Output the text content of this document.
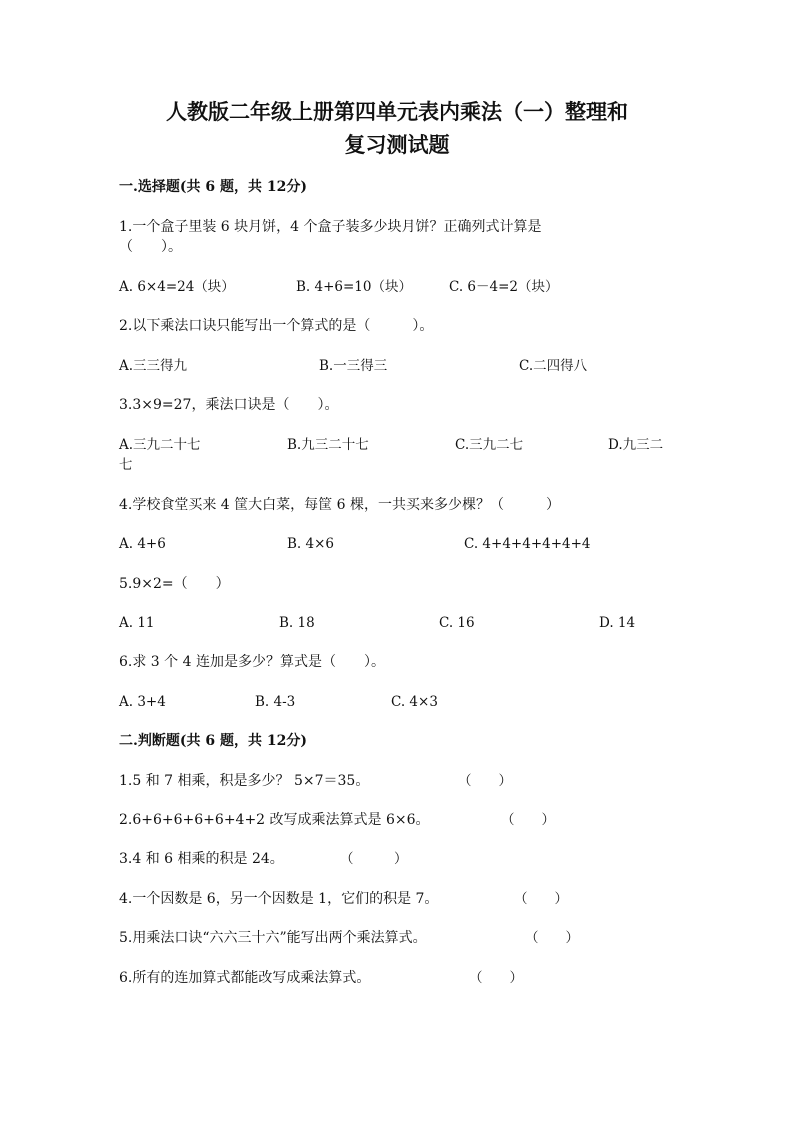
人教版二年级上册第四单元表内乘法（一）整理和
复习测试题
一.选择题(共 6 题，共 12分)
1.一个盒子里装 6 块月饼，4 个盒子装多少块月饼？正确列式计算是
（　　）。
A. 6×4=24（块）	B. 4+6=10（块）	C. 6－4=2（块）
2.以下乘法口诀只能写出一个算式的是（　　　）。
A.三三得九	B.一三得三	C.二四得八
3.3×9=27，乘法口诀是（　　）。
A.三九二十七	B.九三二十七	C.三九二七	D.九三二
七
4.学校食堂买来 4 筐大白菜，每筐 6 棵，一共买来多少棵？（　　　）
A. 4+6	B. 4×6	C. 4+4+4+4+4+4
5.9×2=（　　）
A. 11	B. 18	C. 16	D. 14
6.求 3 个 4 连加是多少？算式是（　　）。
A. 3+4	B. 4-3	C. 4×3
二.判断题(共 6 题，共 12分)
1.5 和 7 相乘，积是多少？ 5×7＝35。	（　　）
2.6+6+6+6+6+4+2 改写成乘法算式是 6×6。	（　　）
3.4 和 6 相乘的积是 24。	（　　　）
4.一个因数是 6，另一个因数是 1，它们的积是 7。	（　　）
5.用乘法口诀“六六三十六”能写出两个乘法算式。	（　　）
6.所有的连加算式都能改写成乘法算式。	（　　）
